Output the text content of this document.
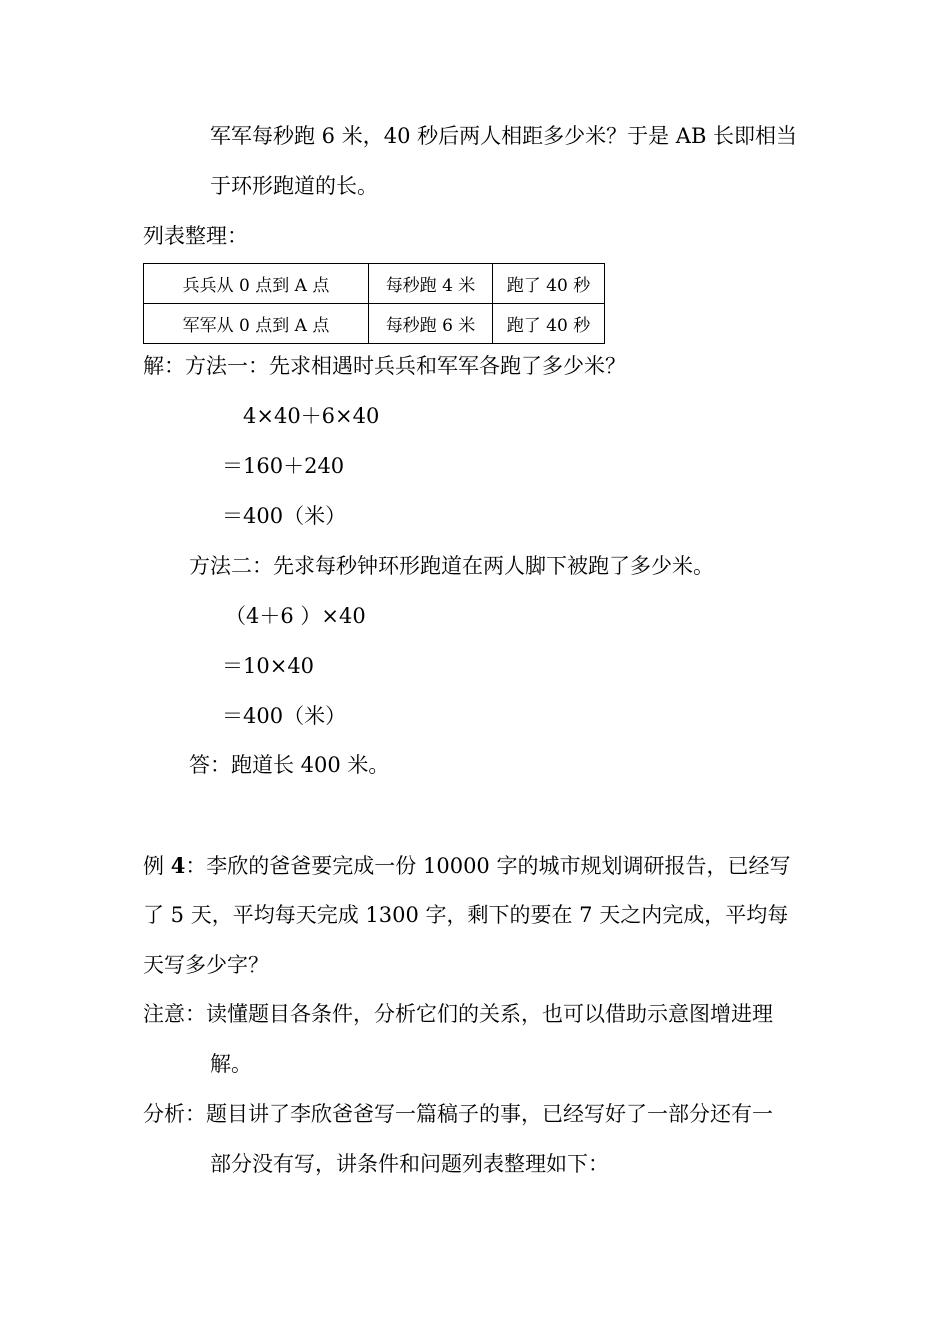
军军每秒跑 6 米，40 秒后两人相距多少米？于是 AB 长即相当
于环形跑道的长。
列表整理：
兵兵从 0 点到 A 点	每秒跑 4 米	跑了 40 秒
军军从 0 点到 A 点	每秒跑 6 米	跑了 40 秒
解：方法一：先求相遇时兵兵和军军各跑了多少米？
4×40＋6×40
＝160＋240
＝400（米）
方法二：先求每秒钟环形跑道在两人脚下被跑了多少米。
（4＋6 ）×40
＝10×40
＝400（米）
答：跑道长 400 米。
例 4：李欣的爸爸要完成一份 10000 字的城市规划调研报告，已经写
了 5 天，平均每天完成 1300 字，剩下的要在 7 天之内完成，平均每
天写多少字？
注意：读懂题目各条件，分析它们的关系，也可以借助示意图增进理
解。
分析：题目讲了李欣爸爸写一篇稿子的事，已经写好了一部分还有一
部分没有写，讲条件和问题列表整理如下：
